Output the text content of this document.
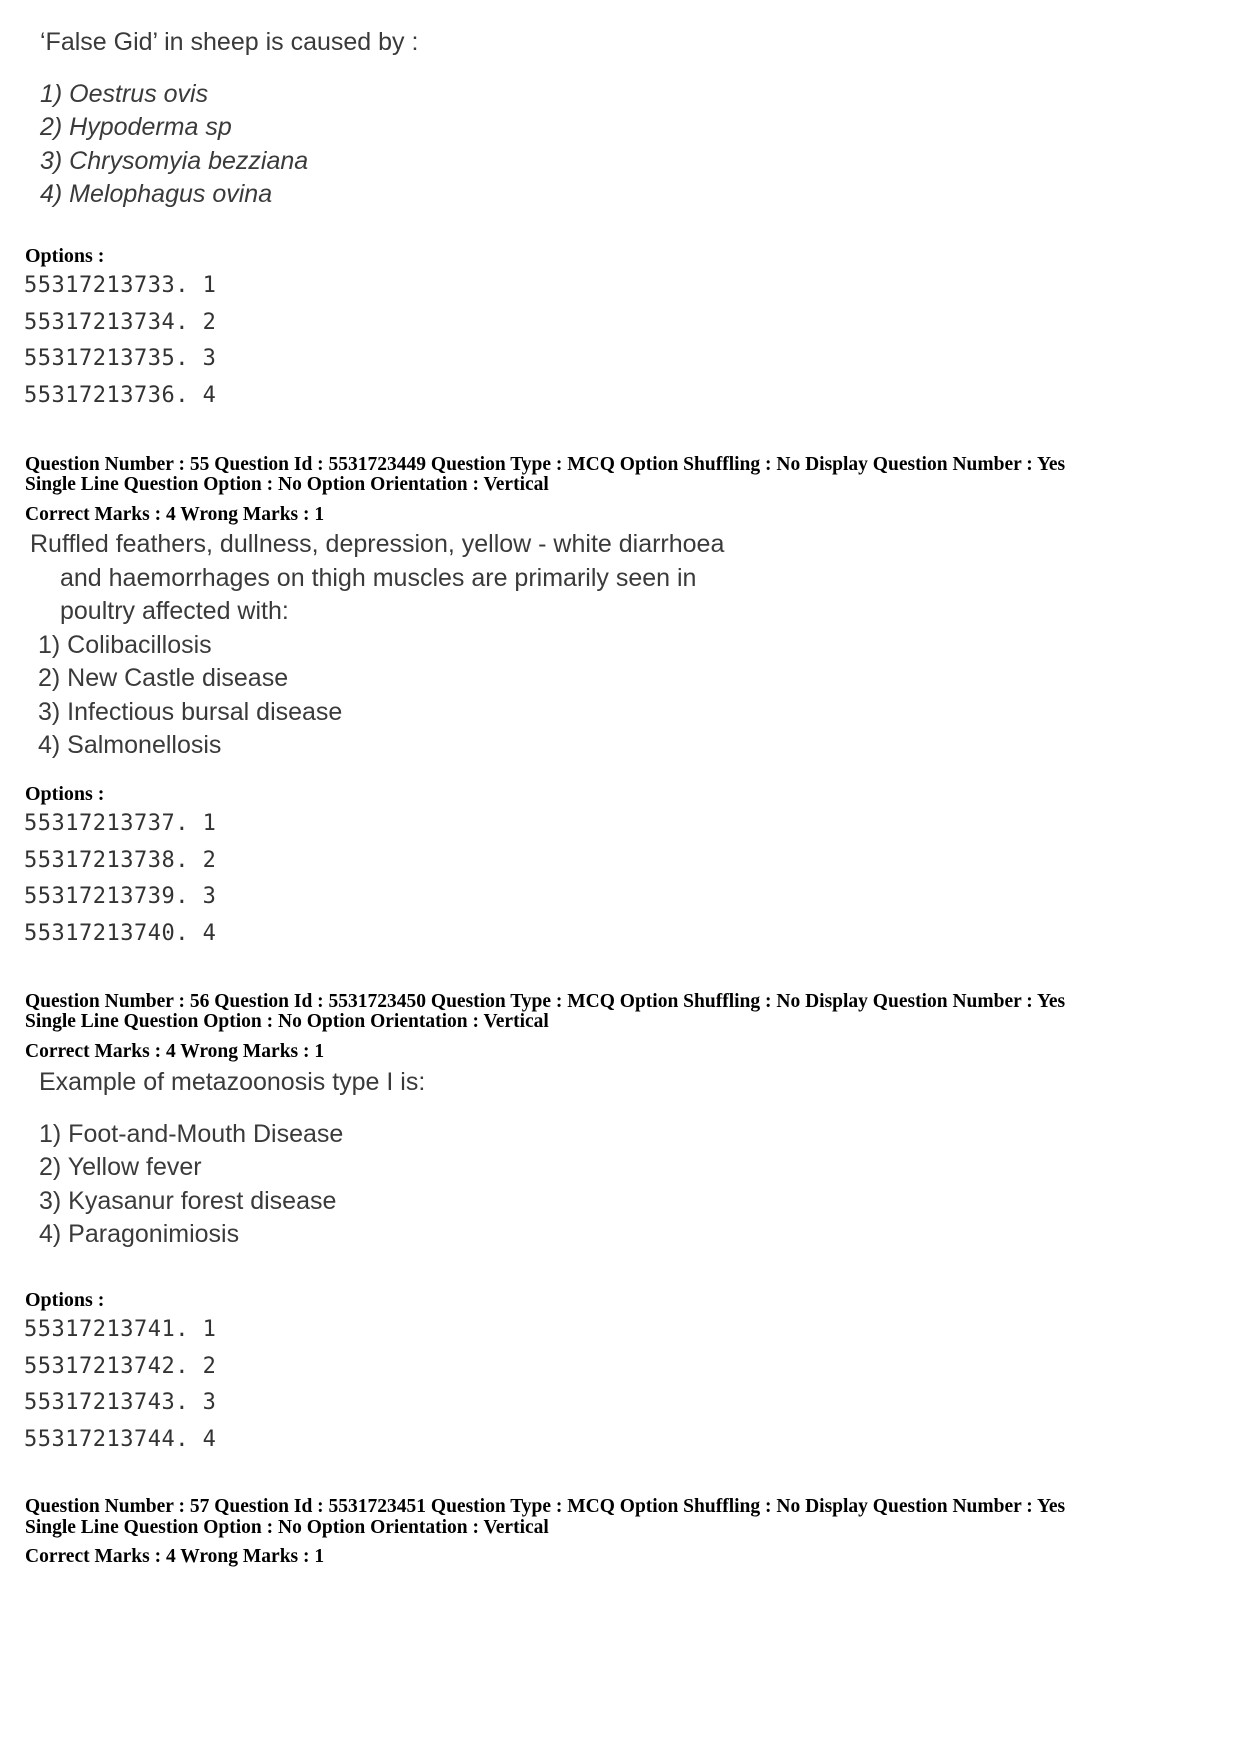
‘False Gid’ in sheep is caused by :
1) Oestrus ovis
2) Hypoderma sp
3) Chrysomyia bezziana
4) Melophagus ovina
Options :
55317213733. 1
55317213734. 2
55317213735. 3
55317213736. 4
Question Number : 55 Question Id : 5531723449 Question Type : MCQ Option Shuffling : No Display Question Number : Yes
Single Line Question Option : No Option Orientation : Vertical
Correct Marks : 4 Wrong Marks : 1
Ruffled feathers, dullness, depression, yellow - white diarrhoea
and haemorrhages on thigh muscles are primarily seen in
poultry affected with:
1) Colibacillosis
2) New Castle disease
3) Infectious bursal disease
4) Salmonellosis
Options :
55317213737. 1
55317213738. 2
55317213739. 3
55317213740. 4
Question Number : 56 Question Id : 5531723450 Question Type : MCQ Option Shuffling : No Display Question Number : Yes
Single Line Question Option : No Option Orientation : Vertical
Correct Marks : 4 Wrong Marks : 1
Example of metazoonosis type I is:
1) Foot-and-Mouth Disease
2) Yellow fever
3) Kyasanur forest disease
4) Paragonimiosis
Options :
55317213741. 1
55317213742. 2
55317213743. 3
55317213744. 4
Question Number : 57 Question Id : 5531723451 Question Type : MCQ Option Shuffling : No Display Question Number : Yes
Single Line Question Option : No Option Orientation : Vertical
Correct Marks : 4 Wrong Marks : 1
